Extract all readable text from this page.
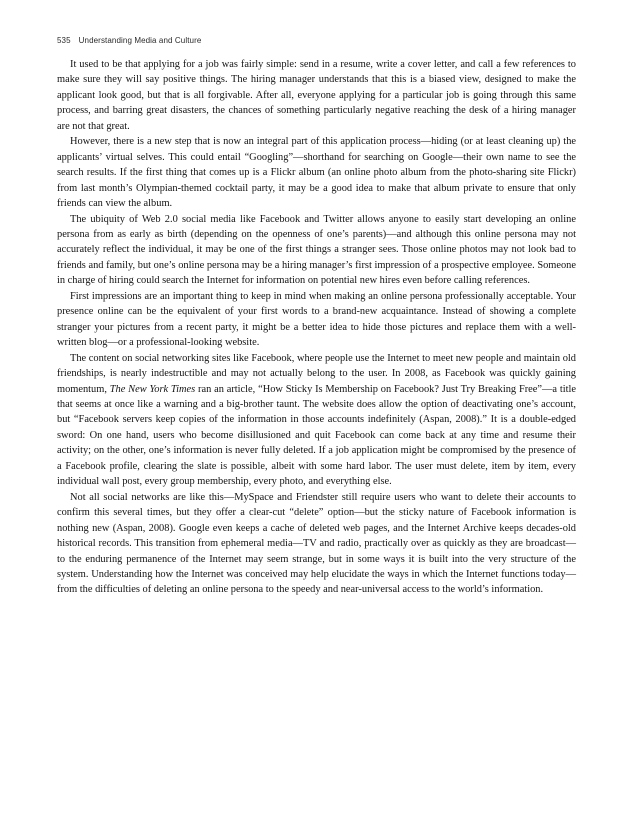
535 Understanding Media and Culture

It used to be that applying for a job was fairly simple: send in a resume, write a cover letter, and call a few references to make sure they will say positive things. The hiring manager understands that this is a biased view, designed to make the applicant look good, but that is all forgivable. After all, everyone applying for a particular job is going through this same process, and barring great disasters, the chances of something particularly negative reaching the desk of a hiring manager are not that great.

However, there is a new step that is now an integral part of this application process—hiding (or at least cleaning up) the applicants’ virtual selves. This could entail “Googling”—shorthand for searching on Google—their own name to see the search results. If the first thing that comes up is a Flickr album (an online photo album from the photo-sharing site Flickr) from last month’s Olympian-themed cocktail party, it may be a good idea to make that album private to ensure that only friends can view the album.

The ubiquity of Web 2.0 social media like Facebook and Twitter allows anyone to easily start developing an online persona from as early as birth (depending on the openness of one’s parents)—and although this online persona may not accurately reflect the individual, it may be one of the first things a stranger sees. Those online photos may not look bad to friends and family, but one’s online persona may be a hiring manager’s first impression of a prospective employee. Someone in charge of hiring could search the Internet for information on potential new hires even before calling references.

First impressions are an important thing to keep in mind when making an online persona professionally acceptable. Your presence online can be the equivalent of your first words to a brand-new acquaintance. Instead of showing a complete stranger your pictures from a recent party, it might be a better idea to hide those pictures and replace them with a well-written blog—or a professional-looking website.

The content on social networking sites like Facebook, where people use the Internet to meet new people and maintain old friendships, is nearly indestructible and may not actually belong to the user. In 2008, as Facebook was quickly gaining momentum, The New York Times ran an article, “How Sticky Is Membership on Facebook? Just Try Breaking Free”—a title that seems at once like a warning and a big-brother taunt. The website does allow the option of deactivating one’s account, but “Facebook servers keep copies of the information in those accounts indefinitely (Aspan, 2008).” It is a double-edged sword: On one hand, users who become disillusioned and quit Facebook can come back at any time and resume their activity; on the other, one’s information is never fully deleted. If a job application might be compromised by the presence of a Facebook profile, clearing the slate is possible, albeit with some hard labor. The user must delete, item by item, every individual wall post, every group membership, every photo, and everything else.

Not all social networks are like this—MySpace and Friendster still require users who want to delete their accounts to confirm this several times, but they offer a clear-cut “delete” option—but the sticky nature of Facebook information is nothing new (Aspan, 2008). Google even keeps a cache of deleted web pages, and the Internet Archive keeps decades-old historical records. This transition from ephemeral media—TV and radio, practically over as quickly as they are broadcast—to the enduring permanence of the Internet may seem strange, but in some ways it is built into the very structure of the system. Understanding how the Internet was conceived may help elucidate the ways in which the Internet functions today—from the difficulties of deleting an online persona to the speedy and near-universal access to the world’s information.
